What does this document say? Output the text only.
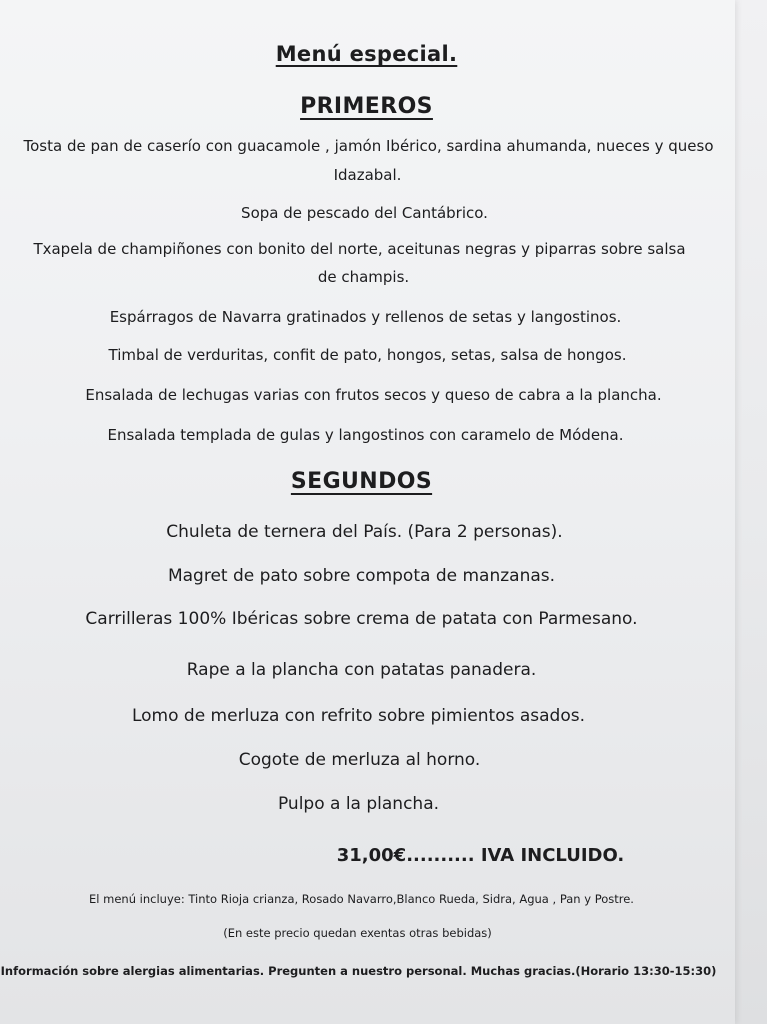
Menú especial.
PRIMEROS
Tosta de pan de caserío con guacamole , jamón Ibérico, sardina ahumanda, nueces y queso
Idazabal.
Sopa de pescado del Cantábrico.
Txapela de champiñones con bonito del norte, aceitunas negras y piparras sobre salsa
de champis.
Espárragos de Navarra gratinados y rellenos de setas y langostinos.
Timbal de verduritas, confit de pato, hongos, setas, salsa de hongos.
Ensalada de lechugas varias con frutos secos y queso de cabra a la plancha.
Ensalada templada de gulas y langostinos con caramelo de Módena.
SEGUNDOS
Chuleta de ternera del País. (Para 2 personas).
Magret de pato sobre compota de manzanas.
Carrilleras 100% Ibéricas sobre crema de patata con Parmesano.
Rape a la plancha con patatas panadera.
Lomo de merluza con refrito sobre pimientos asados.
Cogote de merluza al horno.
Pulpo a la plancha.
31,00€.......... IVA INCLUIDO.
El menú incluye: Tinto Rioja crianza, Rosado Navarro,Blanco Rueda, Sidra, Agua , Pan y Postre.
(En este precio quedan exentas otras bebidas)
Información sobre alergias alimentarias. Pregunten a nuestro personal. Muchas gracias.(Horario 13:30-15:30)
